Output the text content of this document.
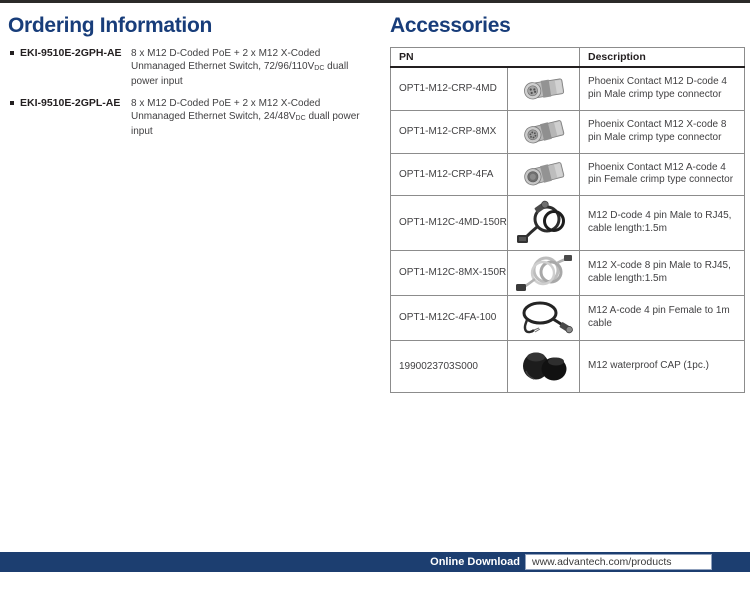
Ordering Information
EKI-9510E-2GPH-AE 8 x M12 D-Coded PoE + 2 x M12 X-Coded Unmanaged Ethernet Switch, $72/96/110V_{DC}$ duall power input
EKI-9510E-2GPL-AE	8 x M12 D-Coded PoE + 2 x M12 X-Coded Unmanaged Ethernet Switch, $24/48V_{DC}$ duall power input
Accessories
PN		Description
OPT1-M12-CRP-4MD		Phoenix Contact M12 D-code 4 pin Male crimp type connector
OPT1-M12-CRP-8MX		Phoenix Contact M12 X-code 8 pin Male crimp type connector
OPT1-M12-CRP-4FA		Phoenix Contact M12 A-code 4 pin Female crimp type connector
OPT1-M12C-4MD-150R		M12 D-code 4 pin Male to RJ45, cable length:1.5m
OPT1-M12C-8MX-150R		M12 X-code 8 pin Male to RJ45, cable length:1.5m
OPT1-M12C-4FA-100		M12 A-code 4 pin Female to 1m cable
1990023703S000		M12 waterproof CAP (1pc.)
Online Download www.advantech.com/products
